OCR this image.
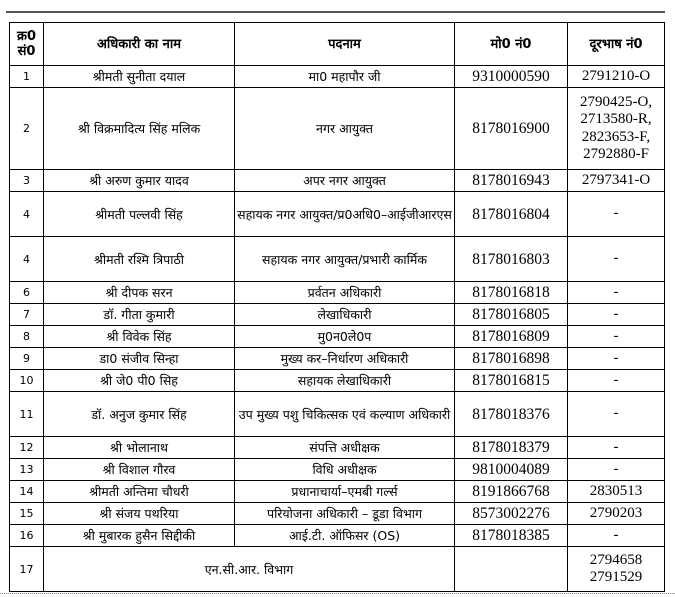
क्र0 सं0	अधिकारी का नाम	पदनाम	मो0 नं0	दूरभाष नं0
1	श्रीमती सुनीता दयाल	मा0 महापौर जी	9310000590	2791210-O
2	श्री विक्रमादित्य सिंह मलिक	नगर आयुक्त	8178016900	2790425-O, 2713580-R, 2823653-F, 2792880-F
3	श्री अरुण कुमार यादव	अपर नगर आयुक्त	8178016943	2797341-O
4	श्रीमती पल्लवी सिंह	सहायक नगर आयुक्त/प्र0अधि0–आईजीआरएस	8178016804	-
4	श्रीमती रश्मि त्रिपाठी	सहायक नगर आयुक्त/प्रभारी कार्मिक	8178016803	-
6	श्री दीपक सरन	प्रर्वतन अधिकारी	8178016818	-
7	डॉ. गीता कुमारी	लेखाधिकारी	8178016805	-
8	श्री विवेक सिंह	मु0न0ले0प	8178016809	-
9	डा0 संजीव सिन्हा	मुख्य कर–निर्धारण अधिकारी	8178016898	-
10	श्री जे0 पी0 सिह	सहायक लेखाधिकारी	8178016815	-
11	डॉ. अनुज कुमार सिंह	उप मुख्य पशु चिकित्सक एवं कल्याण अधिकारी	8178018376	-
12	श्री भोलानाथ	संपत्ति अधीक्षक	8178018379	-
13	श्री विशाल गौरव	विधि अधीक्षक	9810004089	-
14	श्रीमती अन्तिमा चौधरी	प्रधानाचार्या–एमबी गर्ल्स	8191866768	2830513
15	श्री संजय पथरिया	परियोजना अधिकारी – डूडा विभाग	8573002276	2790203
16	श्री मुबारक हुसैन सिद्दीकी	आई.टी. ऑफिसर (OS)	8178018385	-
17	एन.सी.आर. विभाग			2794658 2791529
